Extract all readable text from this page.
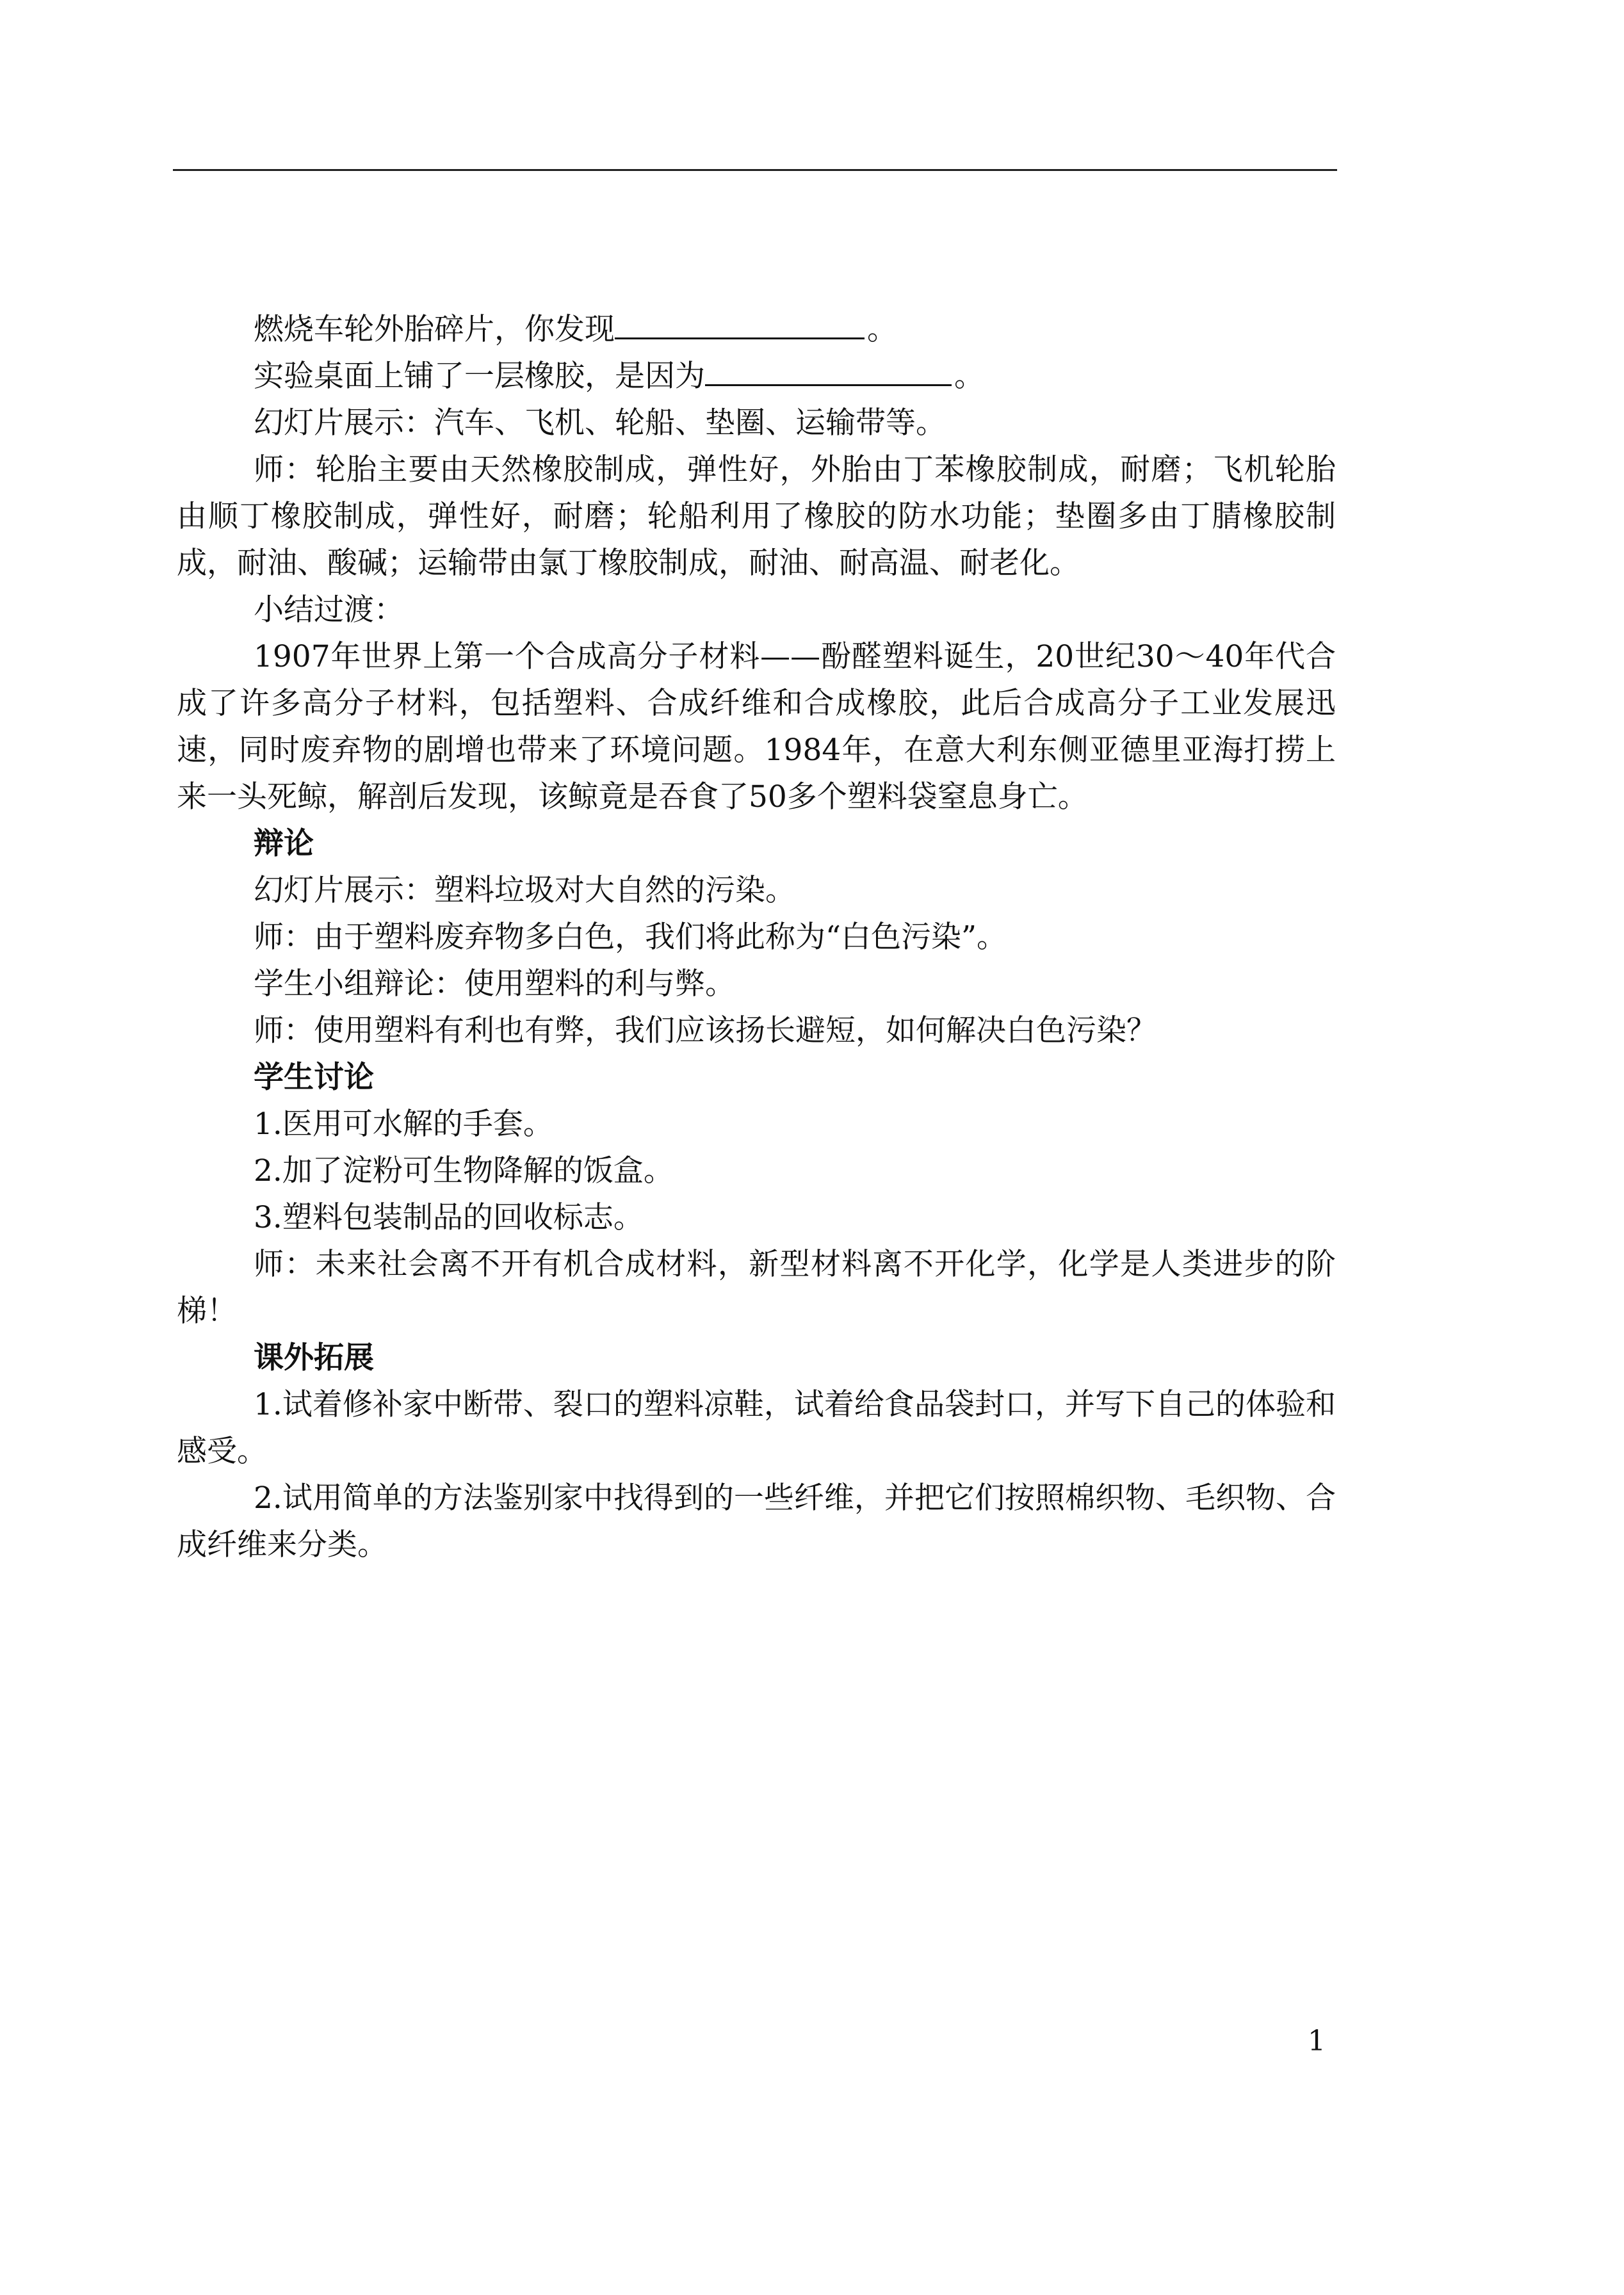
燃烧车轮外胎碎片，你发现	。

实验桌面上铺了一层橡胶，是因为	。

幻灯片展示：汽车、飞机、轮船、垫圈、运输带等。

师：轮胎主要由天然橡胶制成，弹性好，外胎由丁苯橡胶制成，耐磨；飞机轮胎由顺丁橡胶制成，弹性好，耐磨；轮船利用了橡胶的防水功能；垫圈多由丁腈橡胶制成，耐油、酸碱；运输带由氯丁橡胶制成，耐油、耐高温、耐老化。

小结过渡：

1907年世界上第一个合成高分子材料——酚醛塑料诞生，20世纪30～40年代合成了许多高分子材料，包括塑料、合成纤维和合成橡胶，此后合成高分子工业发展迅速，同时废弃物的剧增也带来了环境问题。1984年，在意大利东侧亚德里亚海打捞上来一头死鲸，解剖后发现，该鲸竟是吞食了50多个塑料袋窒息身亡。

辩论

幻灯片展示：塑料垃圾对大自然的污染。

师：由于塑料废弃物多白色，我们将此称为“白色污染”。

学生小组辩论：使用塑料的利与弊。

师：使用塑料有利也有弊，我们应该扬长避短，如何解决白色污染？

学生讨论

1.医用可水解的手套。

2.加了淀粉可生物降解的饭盒。

3.塑料包装制品的回收标志。

师：未来社会离不开有机合成材料，新型材料离不开化学，化学是人类进步的阶梯！

课外拓展

1.试着修补家中断带、裂口的塑料凉鞋，试着给食品袋封口，并写下自己的体验和感受。

2.试用简单的方法鉴别家中找得到的一些纤维，并把它们按照棉织物、毛织物、合成纤维来分类。

1
